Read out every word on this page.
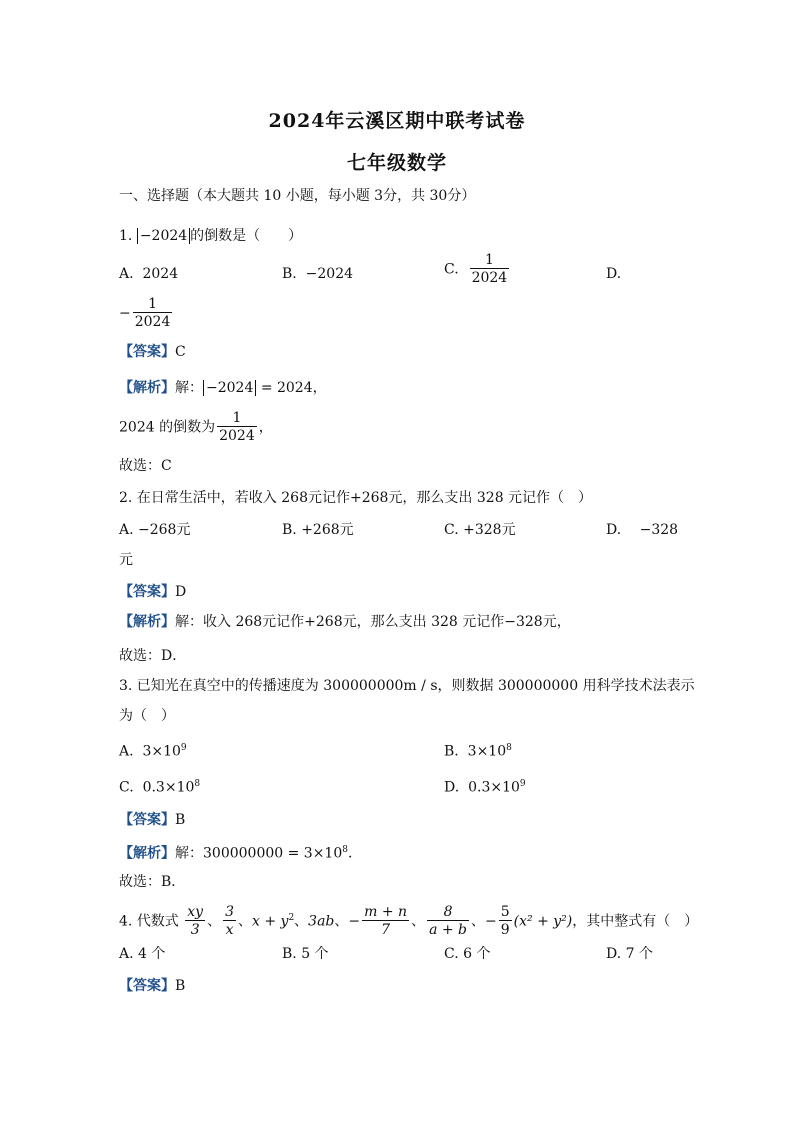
2024年云溪区期中联考试卷
七年级数学
一、选择题（本大题共 10 小题，每小题 3分，共 30分）
1. −2024 的倒数是（　　）
A. 2024	B. −2024	C. $\frac{1}{2024}$	D.
− $\frac{1}{2024}$
【答案】C
【解析】解： −2024 = 2024，
2024 的倒数为 $\frac{1}{2024}$ ，
故选：C
2. 在日常生活中，若收入 268元记作+268元，那么支出 328 元记作（　）
A. −268元	B. +268元	C. +328元	D.　 −328
元
【答案】D
【解析】解：收入 268元记作+268元，那么支出 328 元记作−328元，
故选：D．
3. 已知光在真空中的传播速度为 300000000m / s，则数据 300000000 用科学技术法表示
为（　）
A. $3\times 10^9$	B. $3\times 10^8$
C. $0.3\times 10^8$	D. $0.3\times 10^9$
【答案】B
【解析】解：$300000000 = 3\times 10^8$．
故选：B．
4. 代数式 $\frac{xy}{3}$ 、 $\frac{3}{x}$ 、$x + y^2$、3ab、− $\frac{m + n}{7}$ 、 $\frac{8}{a + b}$ 、− $\frac{5}{9} (x^2 + y^2)$，其中整式有（　）
A. 4 个	B. 5 个	C. 6 个	D. 7 个
【答案】B
